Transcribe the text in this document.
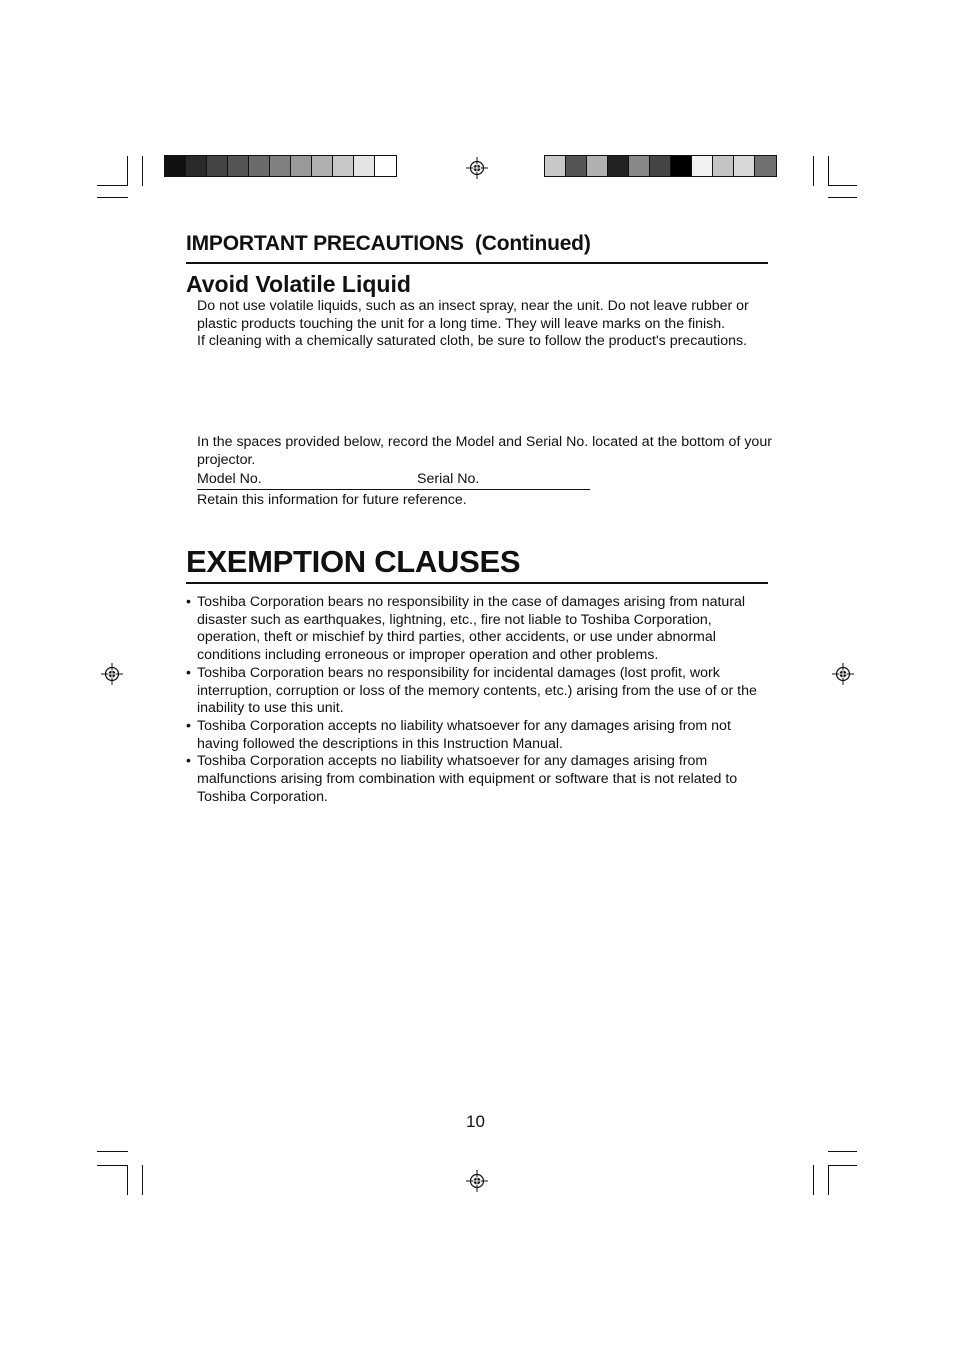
IMPORTANT PRECAUTIONS  (Continued)
Avoid Volatile Liquid

Do not use volatile liquids, such as an insect spray, near the unit. Do not leave rubber or
plastic products touching the unit for a long time. They will leave marks on the finish.
If cleaning with a chemically saturated cloth, be sure to follow the product's precautions.

In the spaces provided below, record the Model and Serial No. located at the bottom of your
projector.

Model No.	Serial No.

Retain this information for future reference.

EXEMPTION CLAUSES
• Toshiba Corporation bears no responsibility in the case of damages arising from natural
disaster such as earthquakes, lightning, etc., fire not liable to Toshiba Corporation,
operation, theft or mischief by third parties, other accidents, or use under abnormal
conditions including erroneous or improper operation and other problems.
• Toshiba Corporation bears no responsibility for incidental damages (lost profit, work
interruption, corruption or loss of the memory contents, etc.) arising from the use of or the
inability to use this unit.
• Toshiba Corporation accepts no liability whatsoever for any damages arising from not
having followed the descriptions in this Instruction Manual.
• Toshiba Corporation accepts no liability whatsoever for any damages arising from
malfunctions arising from combination with equipment or software that is not related to
Toshiba Corporation.
10
